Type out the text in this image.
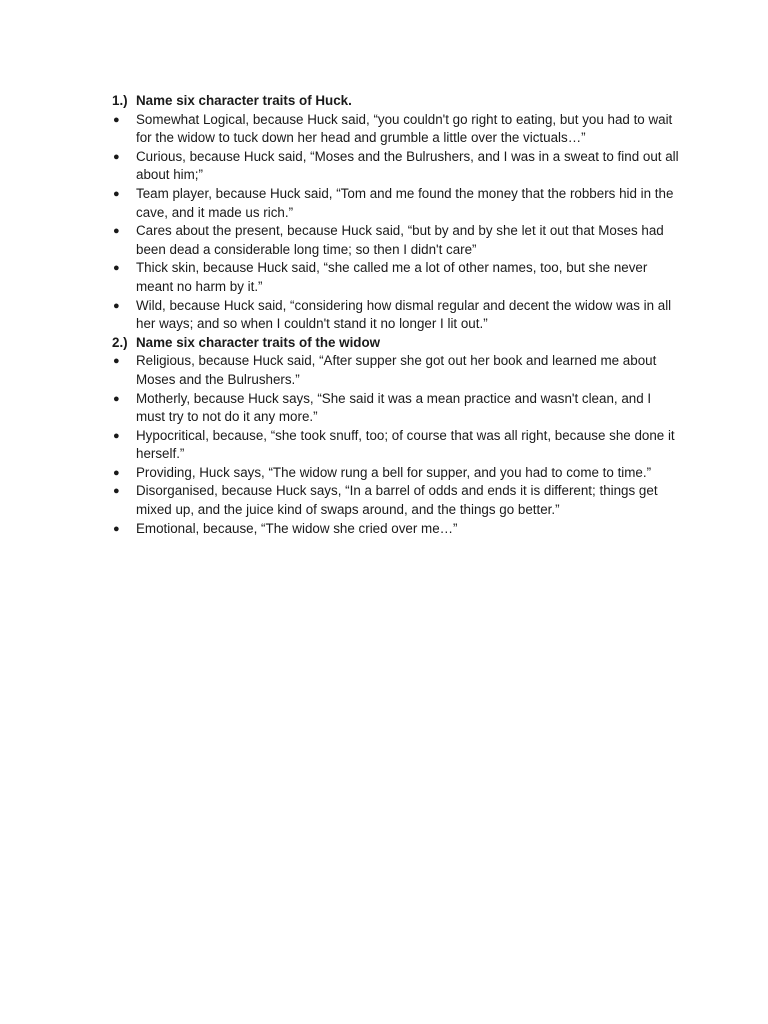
1.) Name six character traits of Huck.
●	Somewhat Logical, because Huck said, “you couldn't go right to eating, but you had to wait for the widow to tuck down her head and grumble a little over the victuals…”
●	Curious, because Huck said, “Moses and the Bulrushers, and I was in a sweat to find out all about him;”
●	Team player, because Huck said, “Tom and me found the money that the robbers hid in the cave, and it made us rich.”
●	Cares about the present, because Huck said, “but by and by she let it out that Moses had been dead a considerable long time; so then I didn't care”
●	Thick skin, because Huck said, “she called me a lot of other names, too, but she never meant no harm by it.”
●	Wild, because Huck said, “considering how dismal regular and decent the widow was in all her ways; and so when I couldn't stand it no longer I lit out.”
2.) Name six character traits of the widow
●	Religious, because Huck said, “After supper she got out her book and learned me about Moses and the Bulrushers.”
●	Motherly, because Huck says, “She said it was a mean practice and wasn't clean, and I must try to not do it any more.”
●	Hypocritical, because, “she took snuff, too; of course that was all right, because she done it herself.”
●	Providing, Huck says, “The widow rung a bell for supper, and you had to come to time.”
●	Disorganised, because Huck says, “In a barrel of odds and ends it is different; things get mixed up, and the juice kind of swaps around, and the things go better.”
●	Emotional, because, “The widow she cried over me…”
